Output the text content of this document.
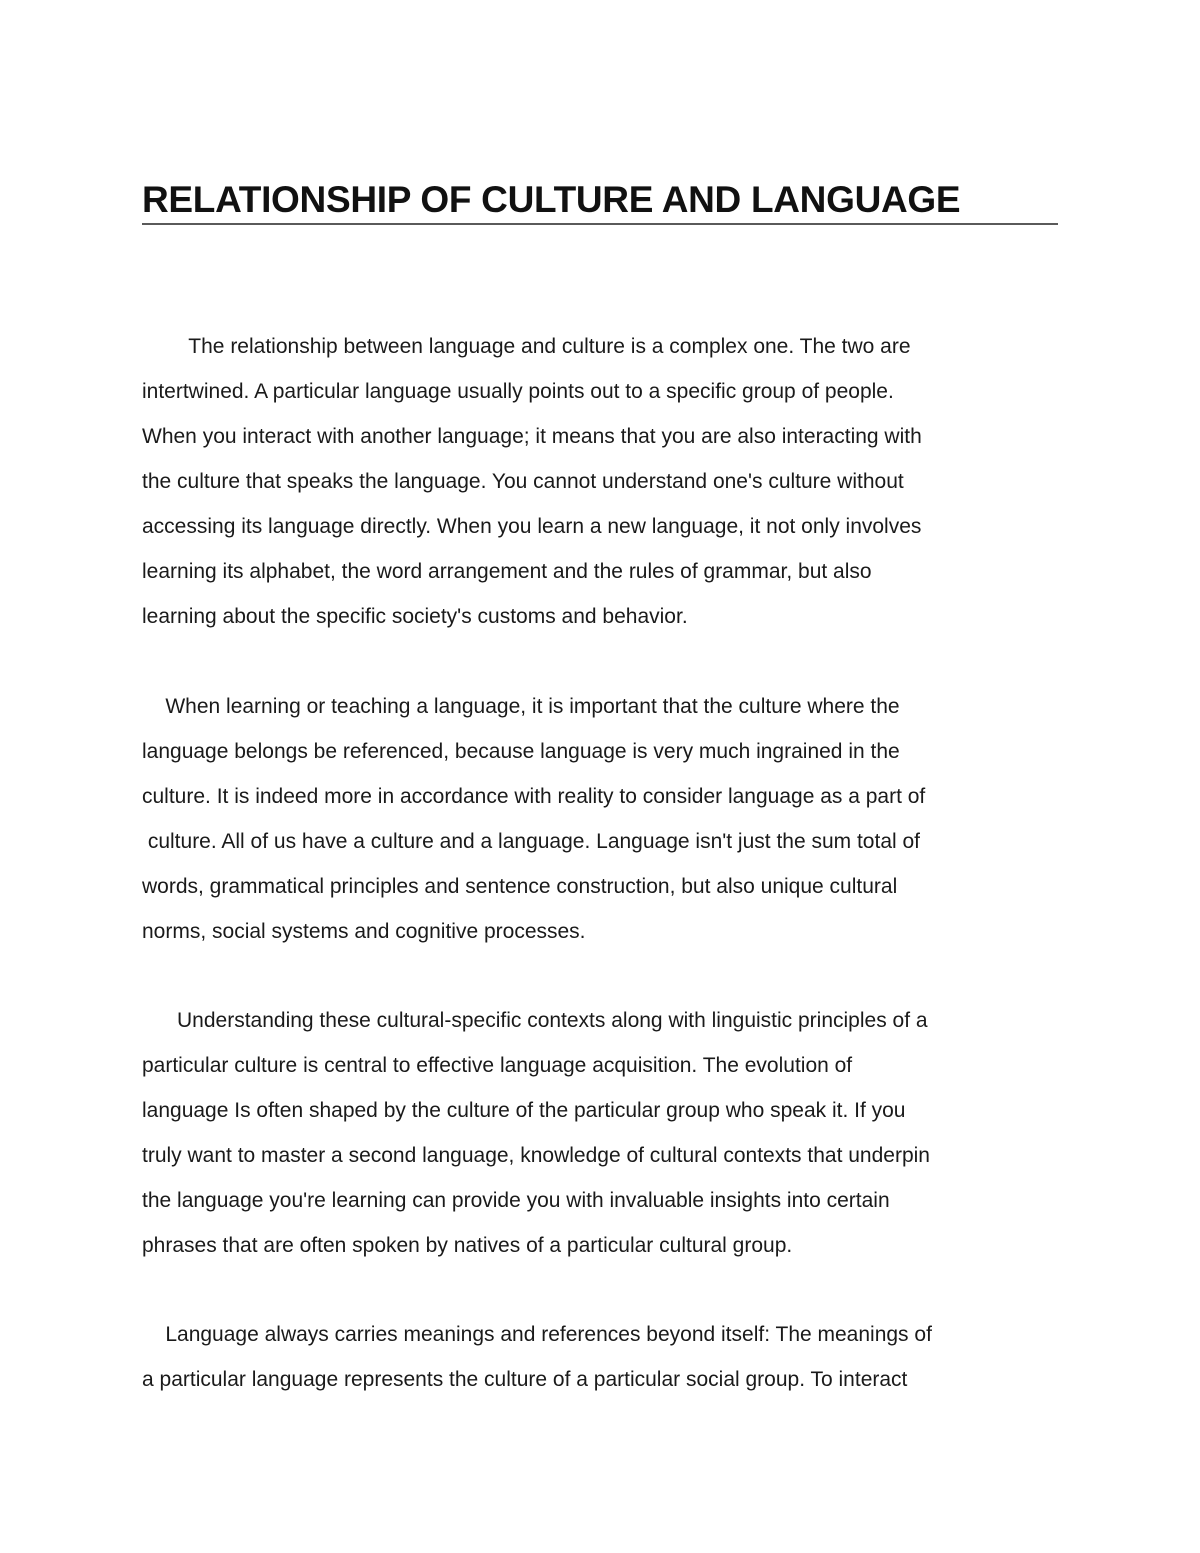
RELATIONSHIP OF CULTURE AND LANGUAGE

The relationship between language and culture is a complex one. The two are
intertwined. A particular language usually points out to a specific group of people.
When you interact with another language; it means that you are also interacting with
the culture that speaks the language. You cannot understand one's culture without
accessing its language directly. When you learn a new language, it not only involves
learning its alphabet, the word arrangement and the rules of grammar, but also
learning about the specific society's customs and behavior.

When learning or teaching a language, it is important that the culture where the
language belongs be referenced, because language is very much ingrained in the
culture. It is indeed more in accordance with reality to consider language as a part of
culture. All of us have a culture and a language. Language isn't just the sum total of
words, grammatical principles and sentence construction, but also unique cultural
norms, social systems and cognitive processes.

Understanding these cultural-specific contexts along with linguistic principles of a
particular culture is central to effective language acquisition. The evolution of
language Is often shaped by the culture of the particular group who speak it. If you
truly want to master a second language, knowledge of cultural contexts that underpin
the language you're learning can provide you with invaluable insights into certain
phrases that are often spoken by natives of a particular cultural group.

Language always carries meanings and references beyond itself: The meanings of
a particular language represents the culture of a particular social group. To interact
